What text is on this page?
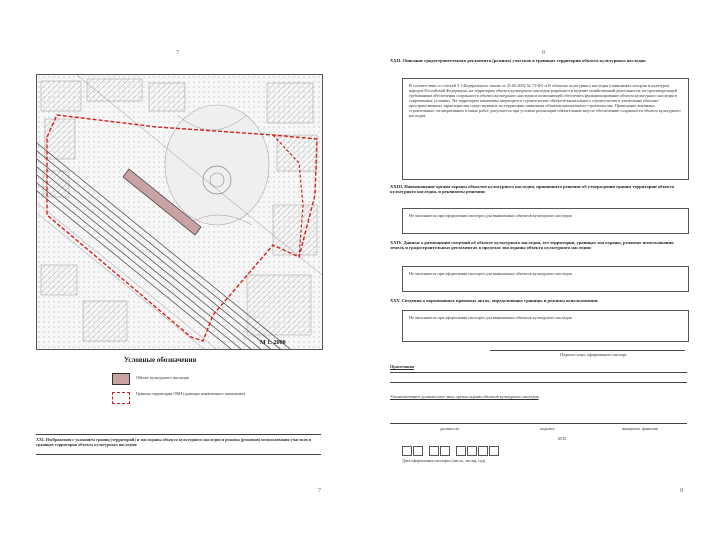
7
М 1: 2000
Условные обозначения
Объект культурного наследия
Граница территории ОКН (границы выявленного памятника)
XXI. Изображения с указанием границ (территорий) и зон охраны объекта культурного наследия и режима (режимов) использования участков в границах территории объекта культурного наследия:
7
8
XXII. Описание градостроительного регламента (режима) участков в границах территории объекта культурного наследия
В соответствии со статьей 5.1 Федерального закона от 25.06.2002 № 73-ФЗ «Об объектах культурного наследия (памятниках истории и культуры) народов Российской Федерации» на территории объекта культурного наследия разрешается ведение хозяйственной деятельности, не противоречащей требованиям обеспечения сохранности объекта культурного наследия и позволяющей обеспечить функционирование объекта культурного наследия в современных условиях. На территории памятника запрещается строительство объектов капитального строительства и увеличение объемно-пространственных характеристик существующих на территории памятника объектов капитального строительства. Проведение земляных, строительных, мелиоративных и иных работ допускается при условии реализации обязательных мер по обеспечению сохранности объекта культурного наследия.
XXIII. Наименование органа охраны объектов культурного наследия, принявшего решение об утверждении границ территории объекта культурного наследия, и реквизиты решения:
Не заполняется при оформлении паспорта для выявленных объектов культурного наследия
XXIV. Данные о размещении сведений об объекте культурного наследия, его территории, границах зон охраны, режимах использования земель и градостроительных регламентах в пределах зон охраны объекта культурного наследия:
Не заполняется при оформлении паспорта для выявленных объектов культурного наследия
XXV. Сведения о нормативных правовых актах, определяющих границы и режимы использования:
Не заполняется при оформлении паспорта для выявленных объектов культурного наследия
Подпись лица, оформившего паспорт
Примечания
Уполномоченное должностное лицо органа охраны объектов культурного наследия
должность	подпись	инициалы, фамилия
М.П.
Дата оформления паспорта (число, месяц, год)
8
